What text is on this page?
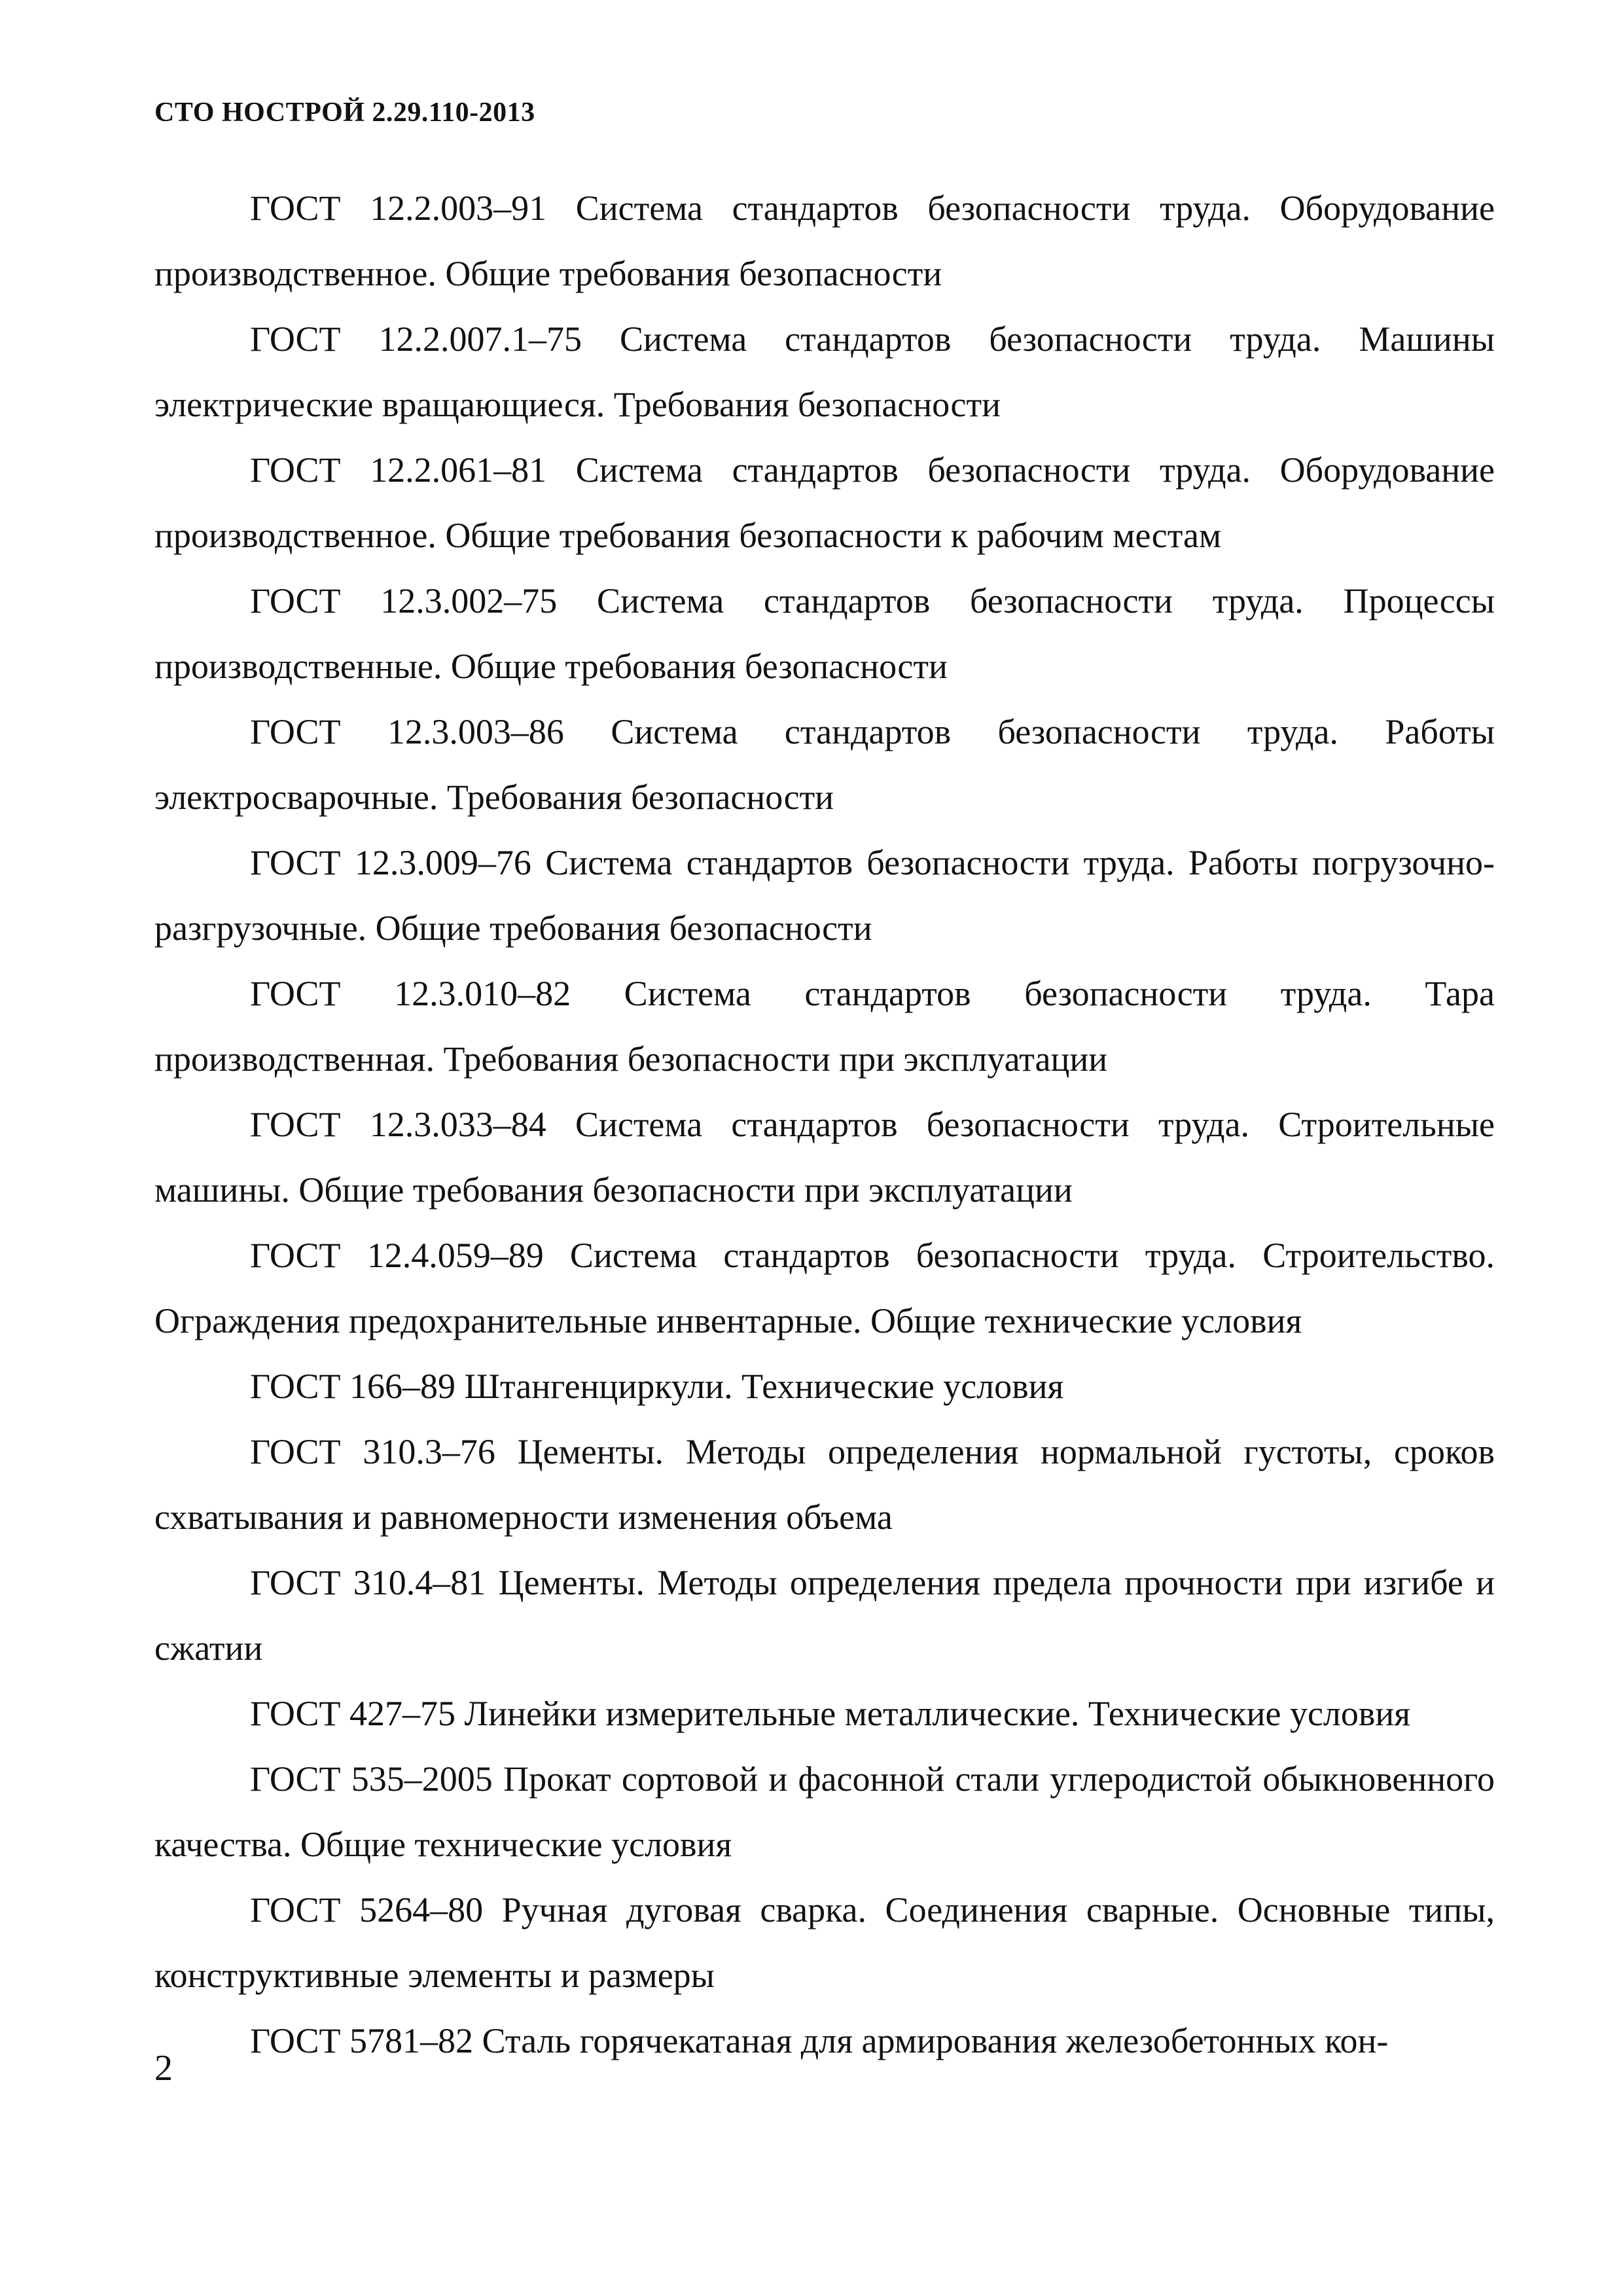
СТО НОСТРОЙ 2.29.110-2013

ГОСТ 12.2.003–91 Система стандартов безопасности труда. Оборудование производственное. Общие требования безопасности

ГОСТ 12.2.007.1–75 Система стандартов безопасности труда. Машины электрические вращающиеся. Требования безопасности

ГОСТ 12.2.061–81 Система стандартов безопасности труда. Оборудование производственное. Общие требования безопасности к рабочим местам

ГОСТ 12.3.002–75 Система стандартов безопасности труда. Процессы производственные. Общие требования безопасности

ГОСТ 12.3.003–86 Система стандартов безопасности труда. Работы электросварочные. Требования безопасности

ГОСТ 12.3.009–76 Система стандартов безопасности труда. Работы погрузочно-разгрузочные. Общие требования безопасности

ГОСТ 12.3.010–82 Система стандартов безопасности труда. Тара производственная. Требования безопасности при эксплуатации

ГОСТ 12.3.033–84 Система стандартов безопасности труда. Строительные машины. Общие требования безопасности при эксплуатации

ГОСТ 12.4.059–89 Система стандартов безопасности труда. Строительство. Ограждения предохранительные инвентарные. Общие технические условия

ГОСТ 166–89 Штангенциркули. Технические условия

ГОСТ 310.3–76 Цементы. Методы определения нормальной густоты, сроков схватывания и равномерности изменения объема

ГОСТ 310.4–81 Цементы. Методы определения предела прочности при изгибе и сжатии

ГОСТ 427–75 Линейки измерительные металлические. Технические условия

ГОСТ 535–2005 Прокат сортовой и фасонной стали углеродистой обыкновенного качества. Общие технические условия

ГОСТ 5264–80 Ручная дуговая сварка. Соединения сварные. Основные типы, конструктивные элементы и размеры

ГОСТ 5781–82 Сталь горячекатаная для армирования железобетонных кон-

2
